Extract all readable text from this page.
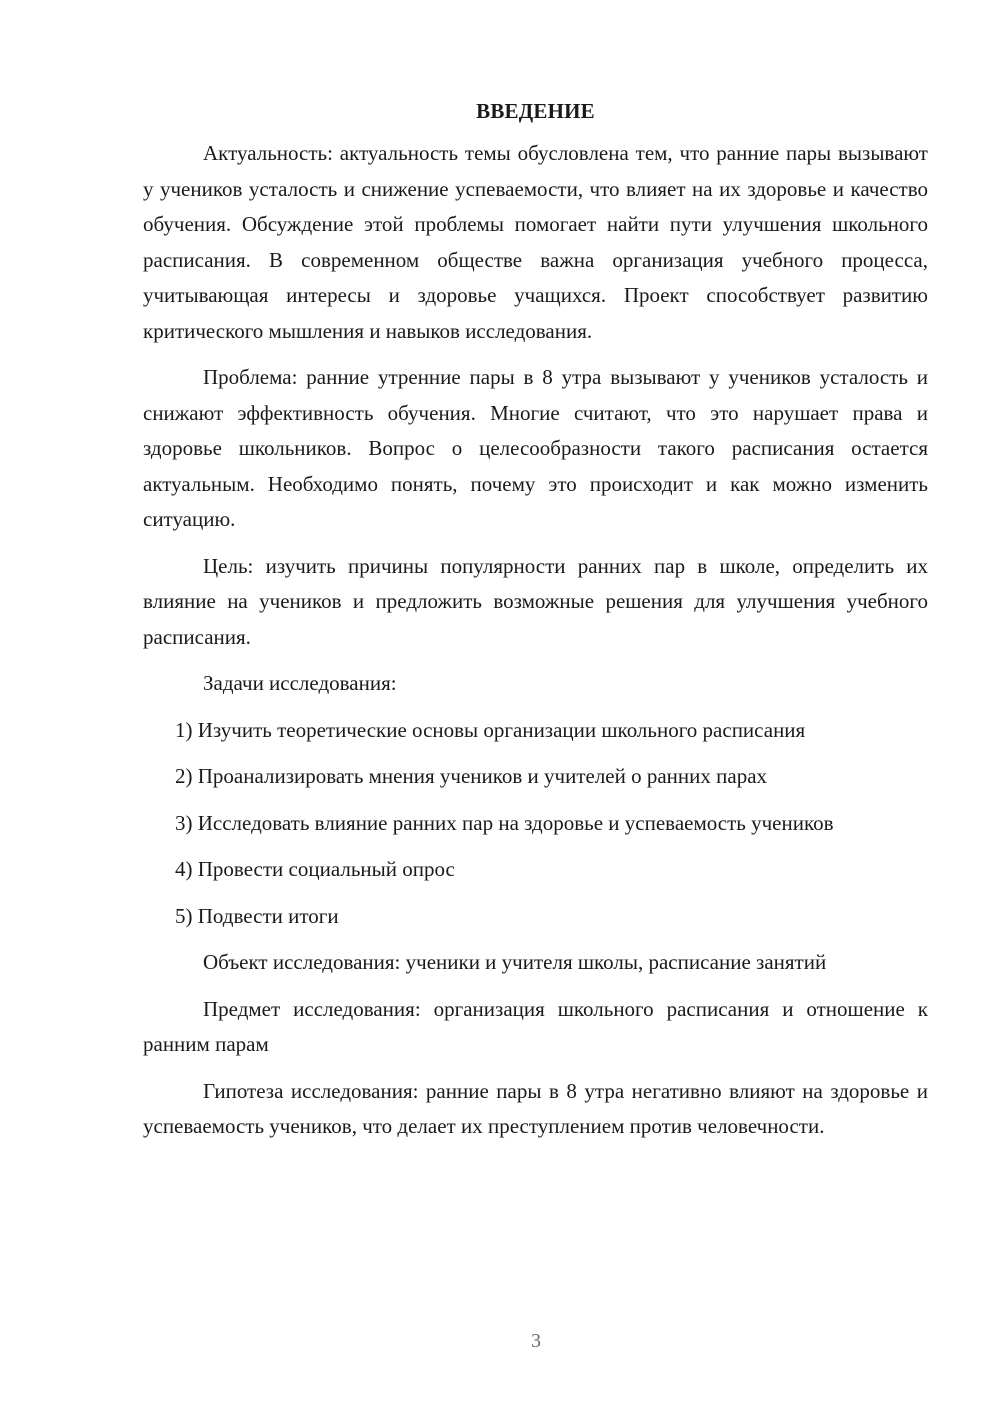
ВВЕДЕНИЕ

Актуальность: актуальность темы обусловлена тем, что ранние пары вызывают у учеников усталость и снижение успеваемости, что влияет на их здоровье и качество обучения. Обсуждение этой проблемы помогает найти пути улучшения школьного расписания. В современном обществе важна организация учебного процесса, учитывающая интересы и здоровье учащихся. Проект способствует развитию критического мышления и навыков исследования.

Проблема: ранние утренние пары в 8 утра вызывают у учеников усталость и снижают эффективность обучения. Многие считают, что это нарушает права и здоровье школьников. Вопрос о целесообразности такого расписания остается актуальным. Необходимо понять, почему это происходит и как можно изменить ситуацию.

Цель: изучить причины популярности ранних пар в школе, определить их влияние на учеников и предложить возможные решения для улучшения учебного расписания.

Задачи исследования:

1) Изучить теоретические основы организации школьного расписания

2) Проанализировать мнения учеников и учителей о ранних парах

3) Исследовать влияние ранних пар на здоровье и успеваемость учеников

4) Провести социальный опрос

5) Подвести итоги

Объект исследования: ученики и учителя школы, расписание занятий

Предмет исследования: организация школьного расписания и отношение к ранним парам

Гипотеза исследования: ранние пары в 8 утра негативно влияют на здоровье и успеваемость учеников, что делает их преступлением против человечности.

3
